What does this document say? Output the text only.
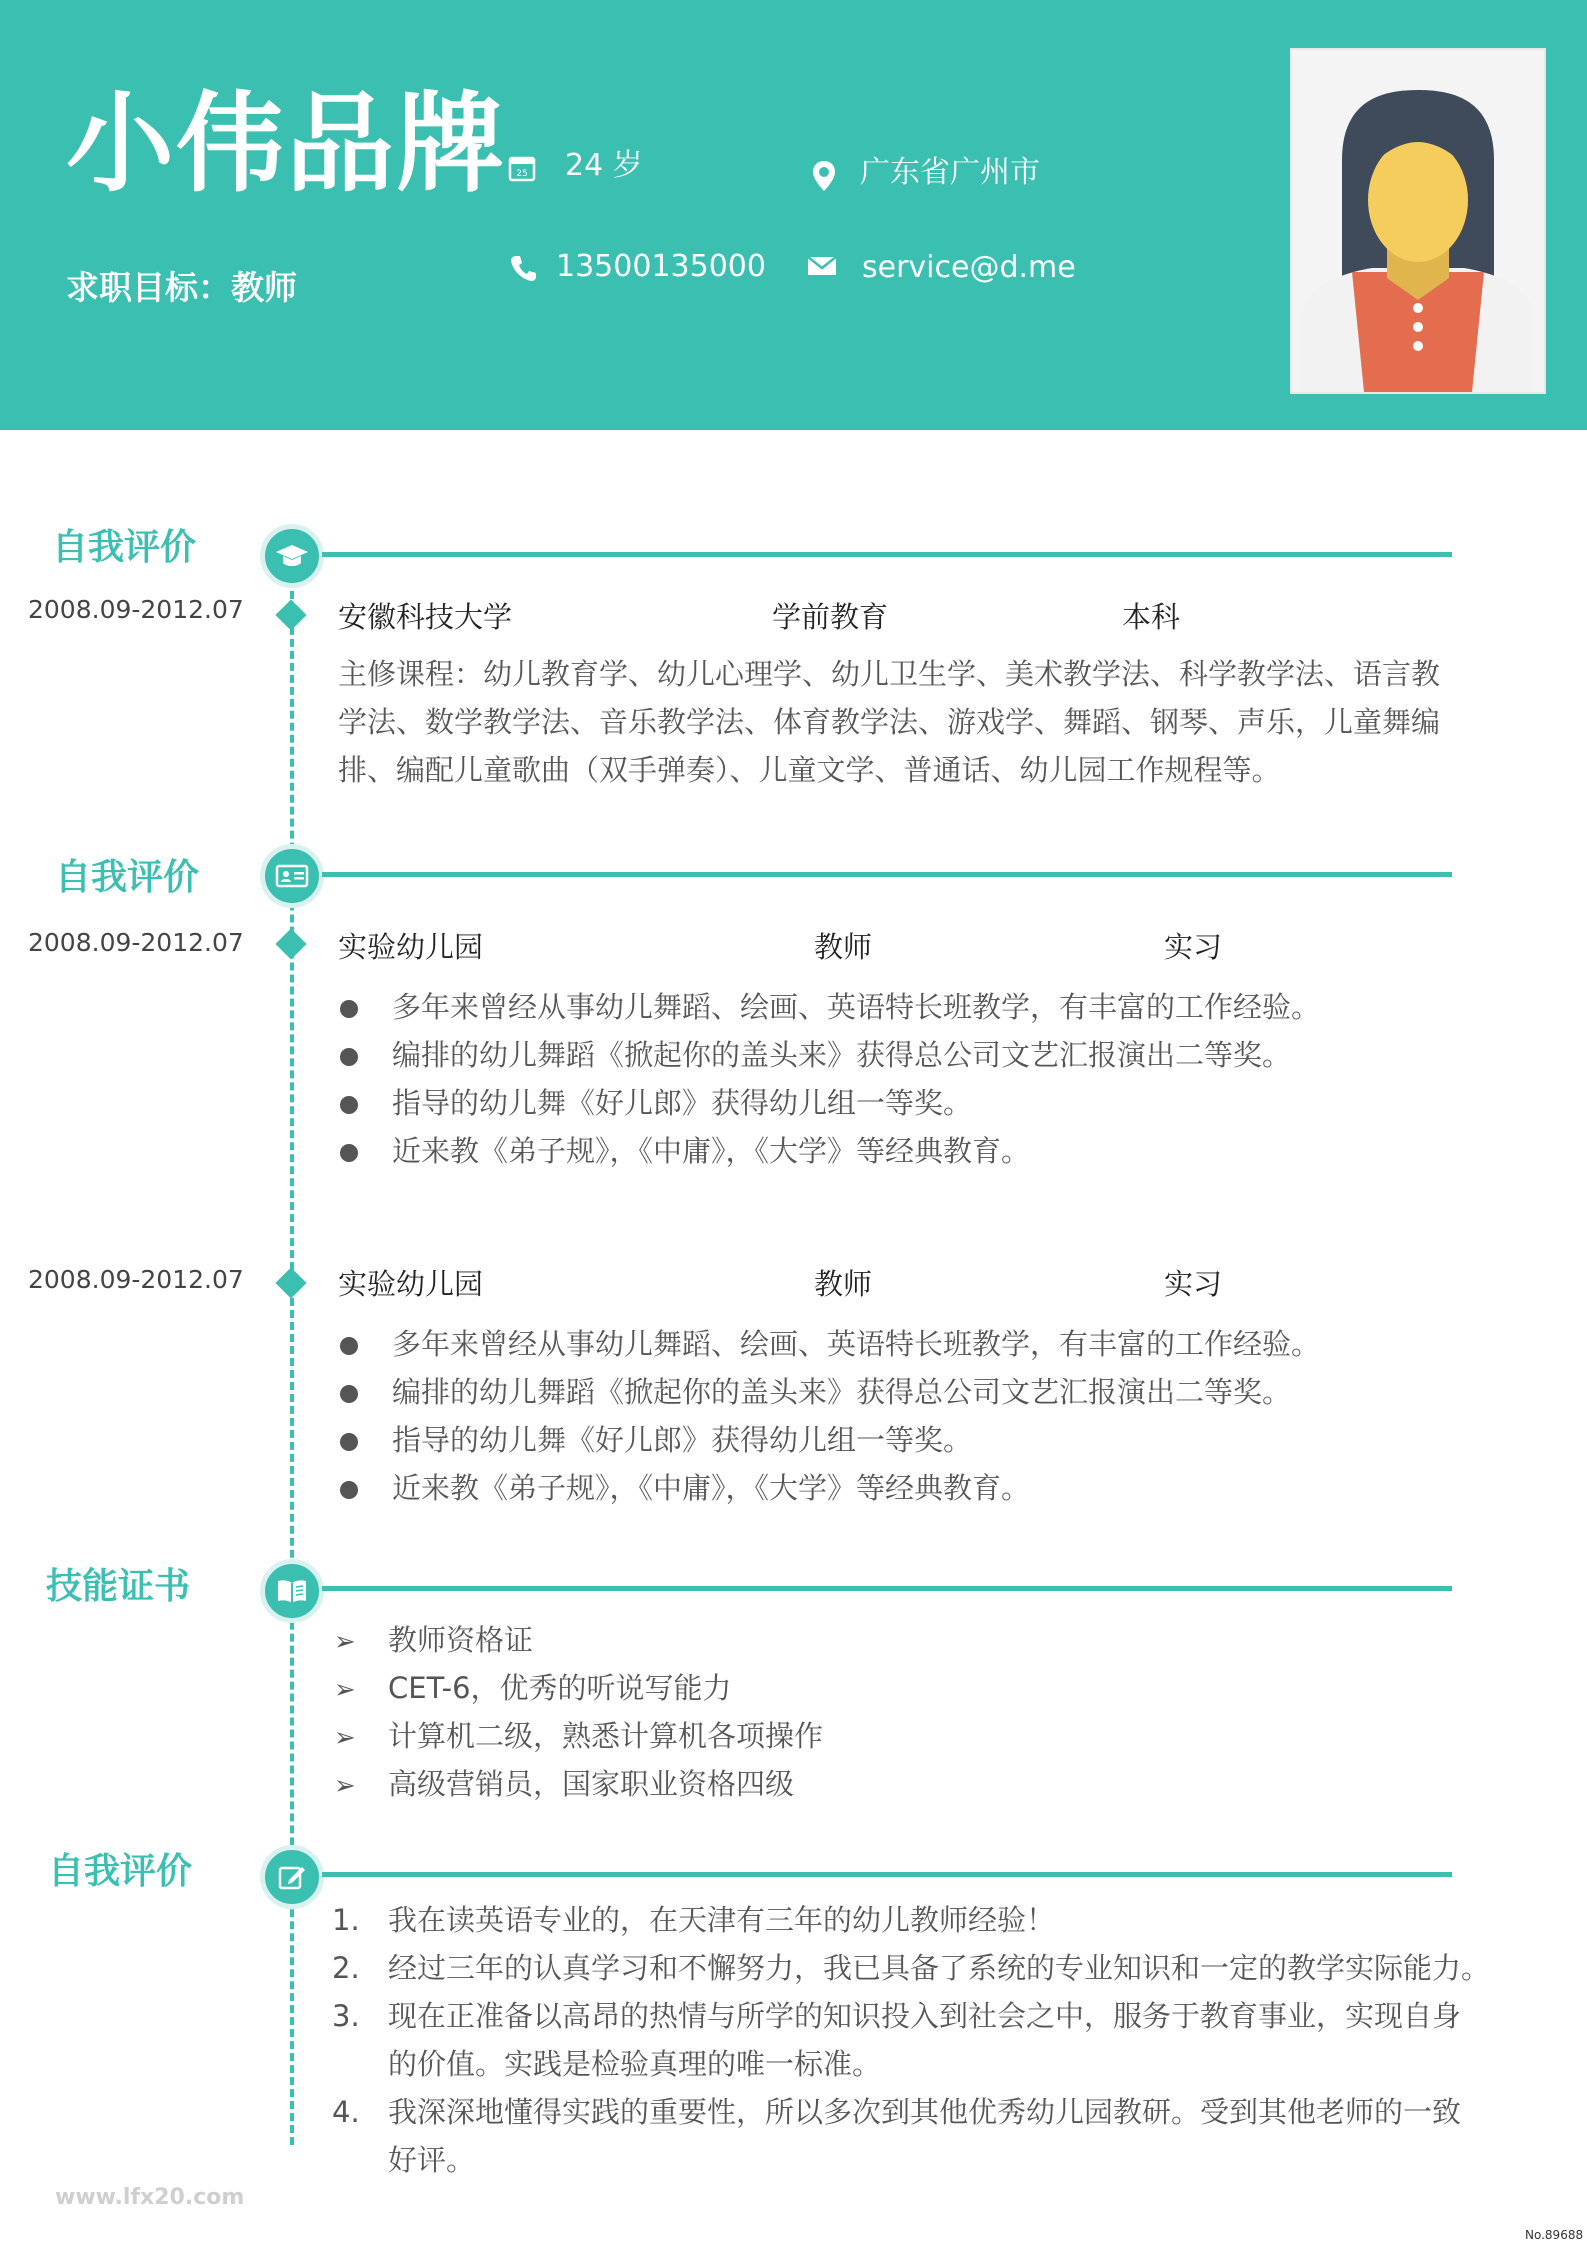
小伟品牌
求职目标：教师
25 24 岁	广东省广州市
13500135000	service@d.me
自我评价
2008.09-2012.07	安徽科技大学	学前教育	本科
主修课程：幼儿教育学、幼儿心理学、幼儿卫生学、美术教学法、科学教学法、语言教学法、数学教学法、音乐教学法、体育教学法、游戏学、舞蹈、钢琴、声乐，儿童舞编排、编配儿童歌曲（双手弹奏）、儿童文学、普通话、幼儿园工作规程等。
自我评价
2008.09-2012.07	实验幼儿园	教师	实习
多年来曾经从事幼儿舞蹈、绘画、英语特长班教学，有丰富的工作经验。
编排的幼儿舞蹈《掀起你的盖头来》获得总公司文艺汇报演出二等奖。
指导的幼儿舞《好儿郎》获得幼儿组一等奖。
近来教《弟子规》，《中庸》，《大学》等经典教育。
2008.09-2012.07	实验幼儿园	教师	实习
多年来曾经从事幼儿舞蹈、绘画、英语特长班教学，有丰富的工作经验。
编排的幼儿舞蹈《掀起你的盖头来》获得总公司文艺汇报演出二等奖。
指导的幼儿舞《好儿郎》获得幼儿组一等奖。
近来教《弟子规》，《中庸》，《大学》等经典教育。
技能证书
➢ 教师资格证
➢ CET-6，优秀的听说写能力
➢ 计算机二级，熟悉计算机各项操作
➢ 高级营销员，国家职业资格四级
自我评价
1. 我在读英语专业的，在天津有三年的幼儿教师经验！
2. 经过三年的认真学习和不懈努力，我已具备了系统的专业知识和一定的教学实际能力。
3. 现在正准备以高昂的热情与所学的知识投入到社会之中，服务于教育事业，实现自身
的价值。实践是检验真理的唯一标准。
4. 我深深地懂得实践的重要性，所以多次到其他优秀幼儿园教研。受到其他老师的一致
好评。
www.lfx20.com
No.89688
